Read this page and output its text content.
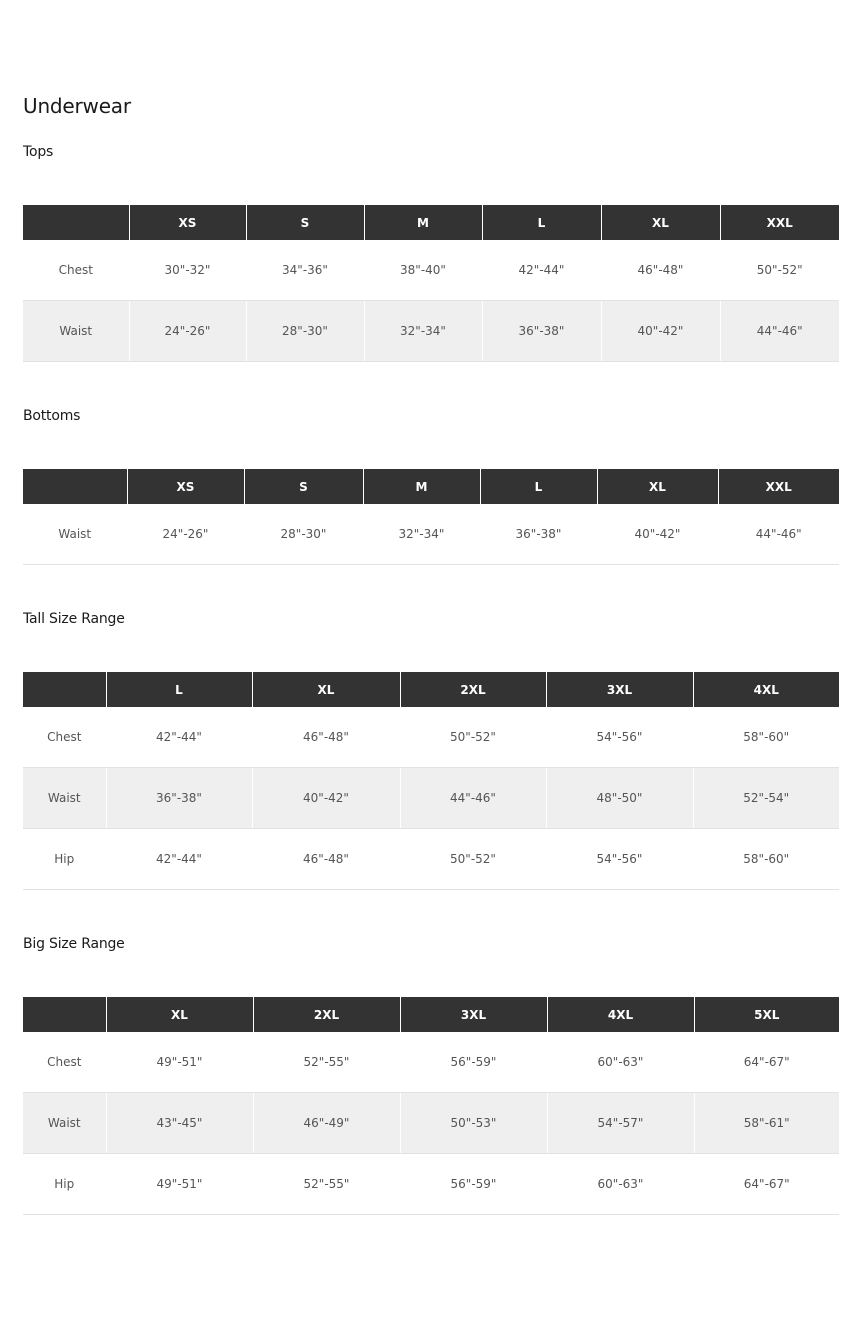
Underwear
Tops
	XS	S	M	L	XL	XXL
Chest	30"-32"	34"-36"	38"-40"	42"-44"	46"-48"	50"-52"
Waist	24"-26"	28"-30"	32"-34"	36"-38"	40"-42"	44"-46"
Bottoms
	XS	S	M	L	XL	XXL
Waist	24"-26"	28"-30"	32"-34"	36"-38"	40"-42"	44"-46"
Tall Size Range
	L	XL	2XL	3XL	4XL
Chest	42"-44"	46"-48"	50"-52"	54"-56"	58"-60"
Waist	36"-38"	40"-42"	44"-46"	48"-50"	52"-54"
Hip	42"-44"	46"-48"	50"-52"	54"-56"	58"-60"
Big Size Range
	XL	2XL	3XL	4XL	5XL
Chest	49"-51"	52"-55"	56"-59"	60"-63"	64"-67"
Waist	43"-45"	46"-49"	50"-53"	54"-57"	58"-61"
Hip	49"-51"	52"-55"	56"-59"	60"-63"	64"-67"
